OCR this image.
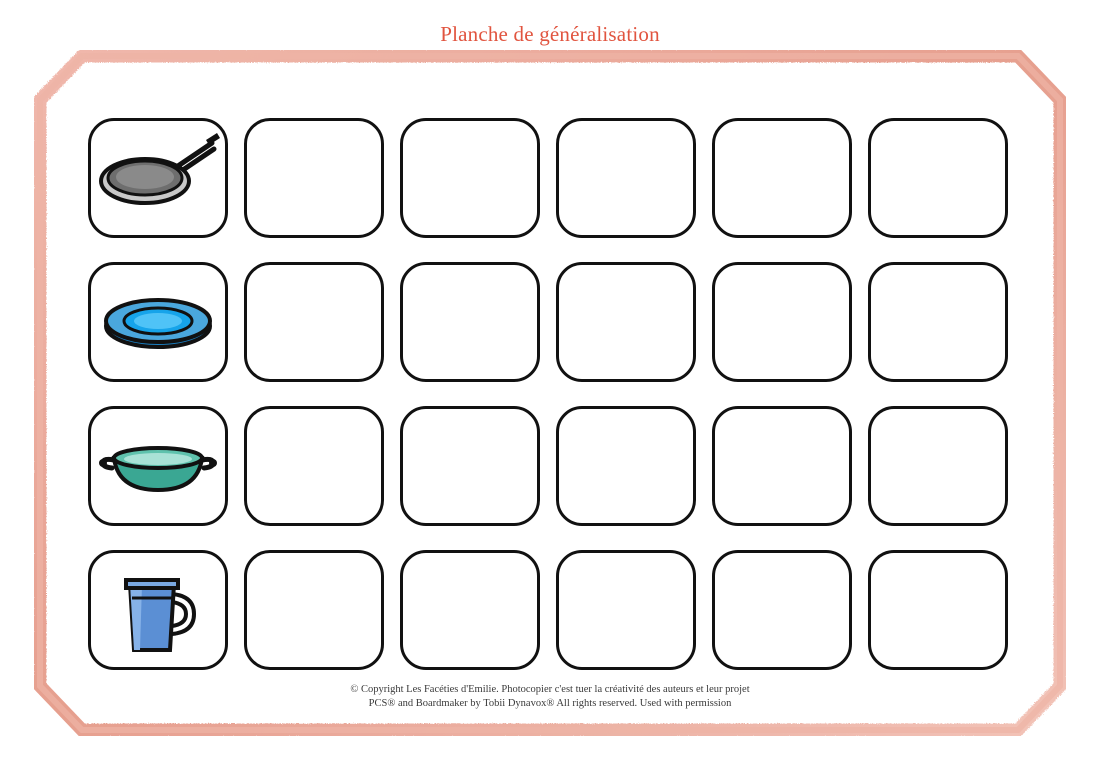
Planche de généralisation
© Copyright Les Facéties d'Emilie. Photocopier c'est tuer la créativité des auteurs et leur projet
PCS® and Boardmaker by Tobii Dynavox® All rights reserved. Used with permission
